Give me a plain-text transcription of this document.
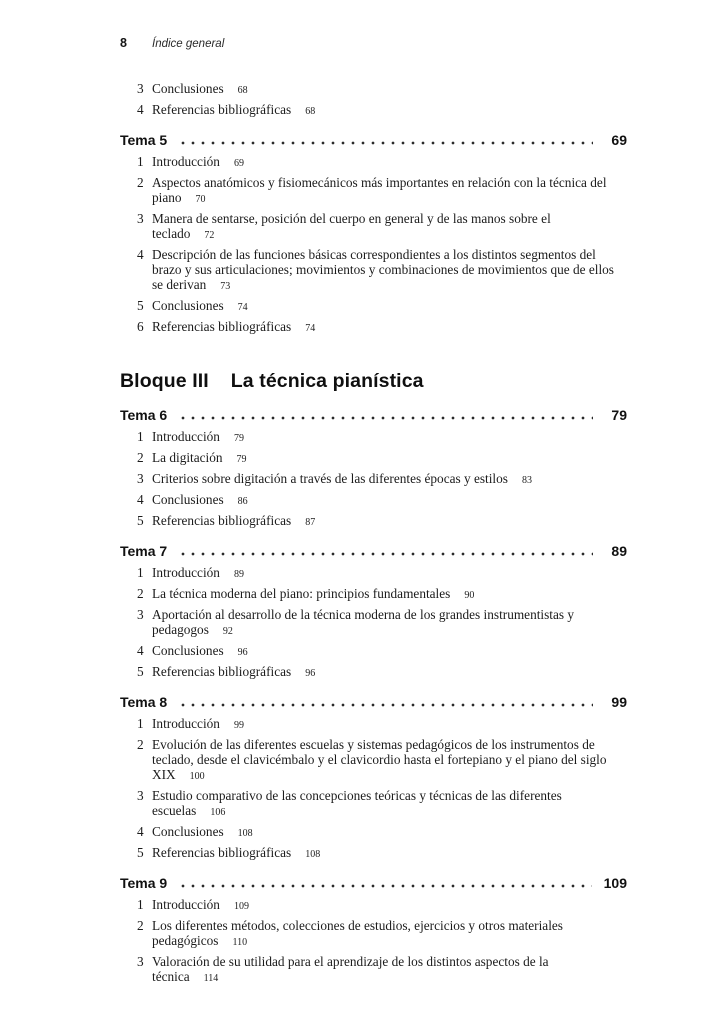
8	Índice general
3 Conclusiones 68
4 Referencias bibliográficas 68
Tema 5	69
1 Introducción 69
2 Aspectos anatómicos y fisiomecánicos más importantes en relación con la técnica del
piano 70
3 Manera de sentarse, posición del cuerpo en general y de las manos sobre el
teclado 72
4 Descripción de las funciones básicas correspondientes a los distintos segmentos del
brazo y sus articulaciones; movimientos y combinaciones de movimientos que de ellos
se derivan 73
5 Conclusiones 74
6 Referencias bibliográficas 74
Bloque III La técnica pianística
Tema 6	79
1 Introducción 79
2 La digitación 79
3 Criterios sobre digitación a través de las diferentes épocas y estilos 83
4 Conclusiones 86
5 Referencias bibliográficas 87
Tema 7	89
1 Introducción 89
2 La técnica moderna del piano: principios fundamentales 90
3 Aportación al desarrollo de la técnica moderna de los grandes instrumentistas y
pedagogos 92
4 Conclusiones 96
5 Referencias bibliográficas 96
Tema 8	99
1 Introducción 99
2 Evolución de las diferentes escuelas y sistemas pedagógicos de los instrumentos de
teclado, desde el clavicémbalo y el clavicordio hasta el fortepiano y el piano del siglo
XIX 100
3 Estudio comparativo de las concepciones teóricas y técnicas de las diferentes
escuelas 106
4 Conclusiones 108
5 Referencias bibliográficas 108
Tema 9	109
1 Introducción 109
2 Los diferentes métodos, colecciones de estudios, ejercicios y otros materiales
pedagógicos 110
3 Valoración de su utilidad para el aprendizaje de los distintos aspectos de la
técnica 114
